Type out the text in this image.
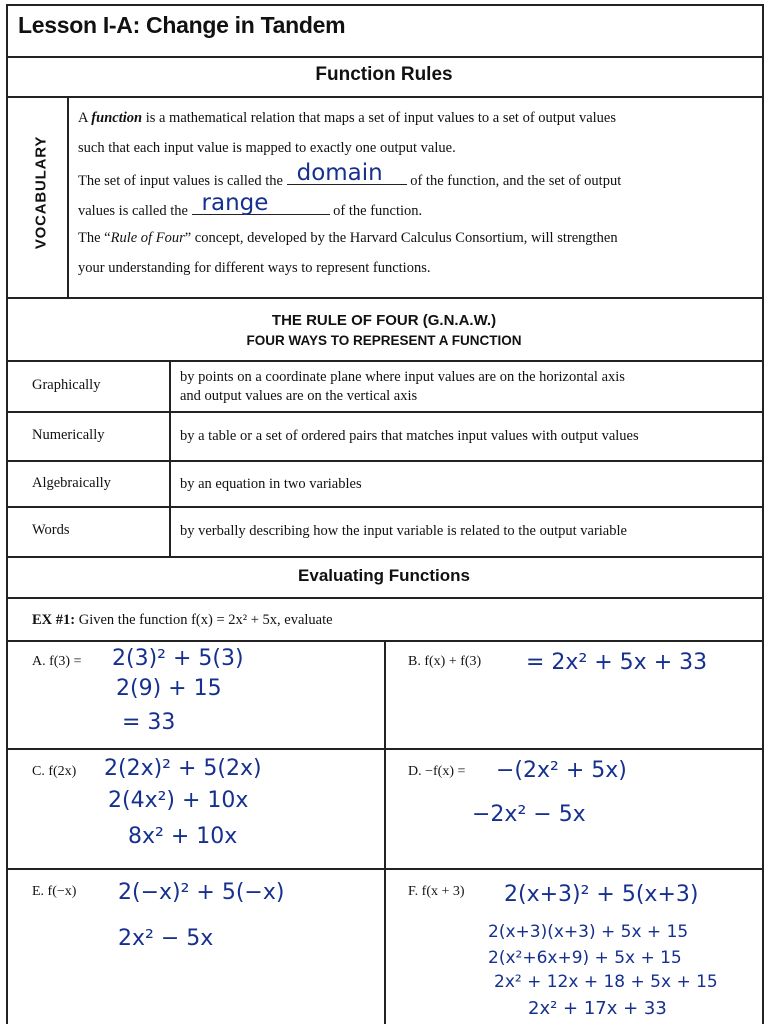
Lesson I-A: Change in Tandem
Function Rules
VOCABULARY
A function is a mathematical relation that maps a set of input values to a set of output values
such that each input value is mapped to exactly one output value.
The set of input values is called the domain of the function, and the set of output
values is called the range	of the function.
The “Rule of Four” concept, developed by the Harvard Calculus Consortium, will strengthen
your understanding for different ways to represent functions.
THE RULE OF FOUR (G.N.A.W.)
FOUR WAYS TO REPRESENT A FUNCTION
Graphically	by points on a coordinate plane where input values are on the horizontal axis
and output values are on the vertical axis
Numerically	by a table or a set of ordered pairs that matches input values with output values
Algebraically	by an equation in two variables
Words	by verbally describing how the input variable is related to the output variable
Evaluating Functions
EX #1: Given the function f(x) = 2x² + 5x, evaluate
A. f(3) = 2(3)² + 5(3)
2(9) + 15
= 33
B. f(x) + f(3) = 2x² + 5x + 33
C. f(2x) 2(2x)² + 5(2x)
2(4x²) + 10x
8x² + 10x
D. −f(x) = −(2x² + 5x)
−2x² − 5x
E. f(−x) 2(−x)² + 5(−x)
2x² − 5x
F. f(x + 3) 2(x+3)² + 5(x+3)
2(x+3)(x+3) + 5x + 15
2(x²+6x+9) + 5x + 15
2x² + 12x + 18 + 5x + 15
2x² + 17x + 33
